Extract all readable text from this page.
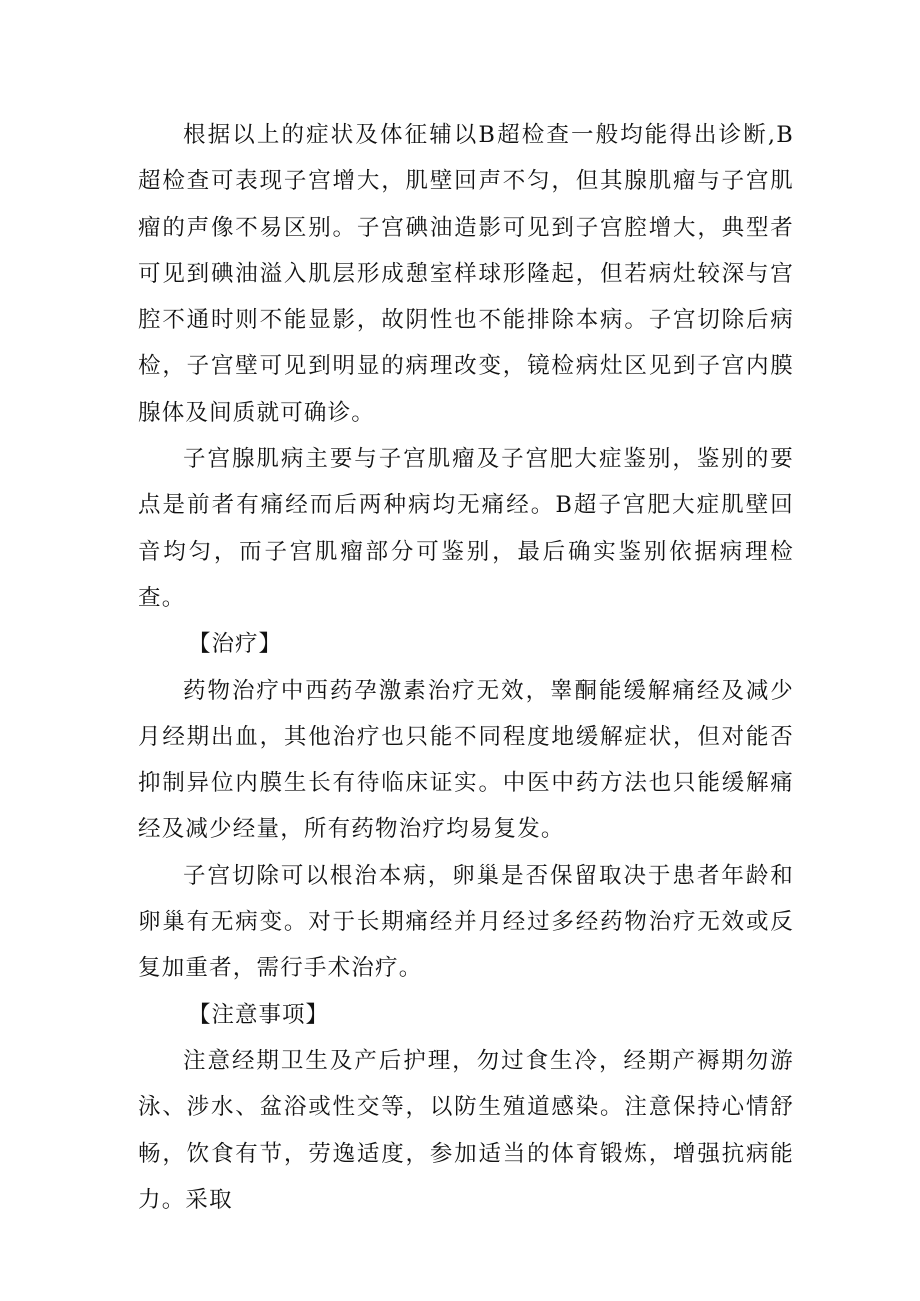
根据以上的症状及体征辅以B超检查一般均能得出诊断,B超检查可表现子宫增大，肌壁回声不匀，但其腺肌瘤与子宫肌瘤的声像不易区别。子宫碘油造影可见到子宫腔增大，典型者可见到碘油溢入肌层形成憩室样球形隆起，但若病灶较深与宫腔不通时则不能显影，故阴性也不能排除本病。子宫切除后病检，子宫壁可见到明显的病理改变，镜检病灶区见到子宫内膜腺体及间质就可确诊。

子宫腺肌病主要与子宫肌瘤及子宫肥大症鉴别，鉴别的要点是前者有痛经而后两种病均无痛经。B超子宫肥大症肌壁回音均匀，而子宫肌瘤部分可鉴别，最后确实鉴别依据病理检查。

【治疗】

药物治疗中西药孕激素治疗无效，睾酮能缓解痛经及减少月经期出血，其他治疗也只能不同程度地缓解症状，但对能否抑制异位内膜生长有待临床证实。中医中药方法也只能缓解痛经及减少经量，所有药物治疗均易复发。

子宫切除可以根治本病，卵巢是否保留取决于患者年龄和卵巢有无病变。对于长期痛经并月经过多经药物治疗无效或反复加重者，需行手术治疗。

【注意事项】

注意经期卫生及产后护理，勿过食生冷，经期产褥期勿游泳、涉水、盆浴或性交等，以防生殖道感染。注意保持心情舒畅，饮食有节，劳逸适度，参加适当的体育锻炼，增强抗病能力。采取
